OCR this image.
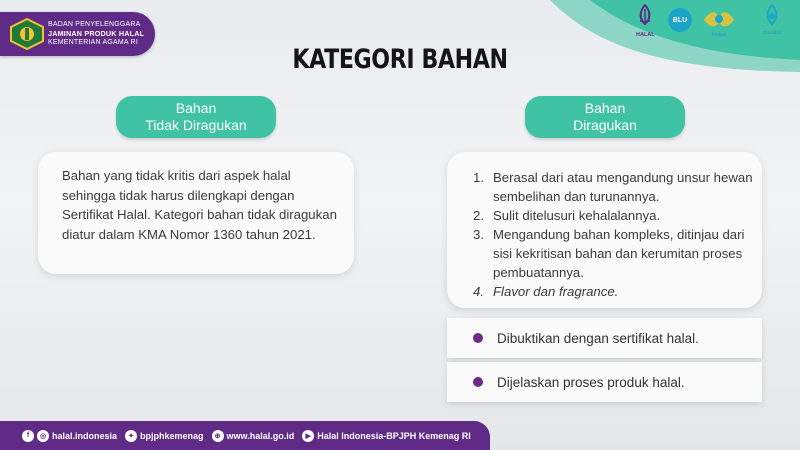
BADAN PENYELENGGARA
JAMINAN PRODUK HALAL
KEMENTERIAN AGAMA RI
HALAL
BLU
TAHUN	pusaka
KATEGORI BAHAN
Bahan
Tidak Diragukan
Bahan
Diragukan

Bahan yang tidak kritis dari aspek halal sehingga tidak harus dilengkapi dengan Sertifikat Halal. Kategori bahan tidak diragukan diatur dalam KMA Nomor 1360 tahun 2021.

1. Berasal dari atau mengandung unsur hewan sembelihan dan turunannya.
2. Sulit ditelusuri kehalalannya.
3. Mengandung bahan kompleks, ditinjau dari sisi kekritisan bahan dan kerumitan proses pembuatannya.
4. Flavor dan fragrance.
Dibuktikan dengan sertifikat halal.
Dijelaskan proses produk halal.
f	◎ halal.indonesia	✦ bpjphkemenag	⊕ www.halal.go.id	▶ Halal Indonesia-BPJPH Kemenag RI
